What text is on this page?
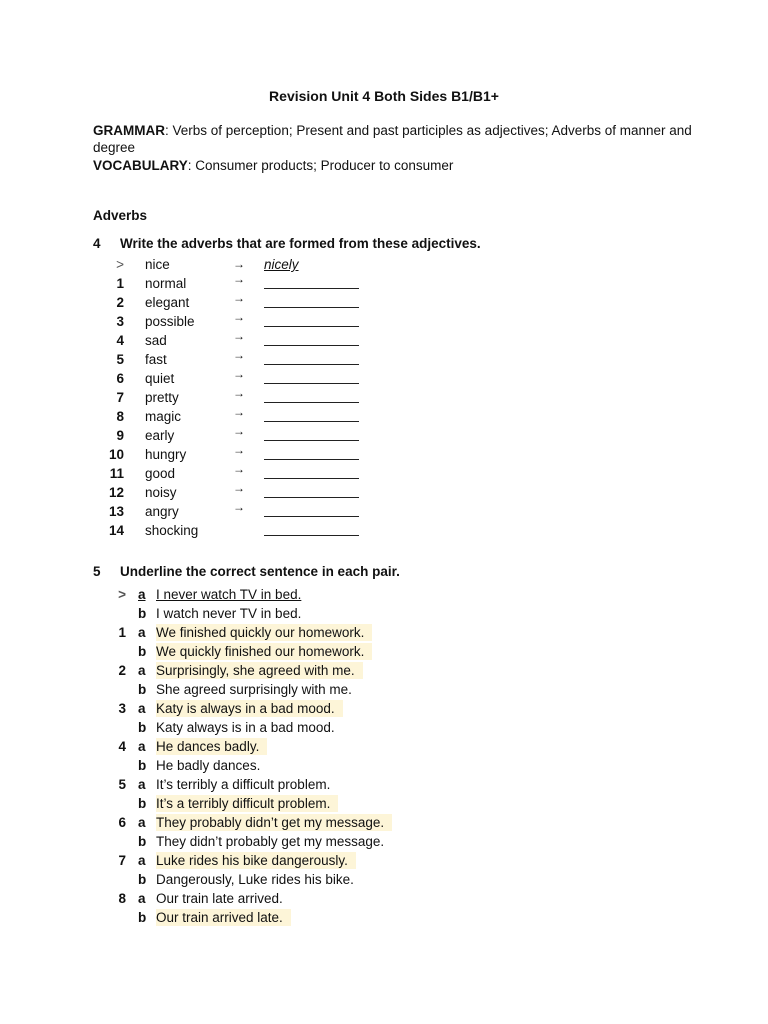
Revision Unit 4 Both Sides B1/B1+
GRAMMAR: Verbs of perception; Present and past participles as adjectives; Adverbs of manner and degree
VOCABULARY: Consumer products; Producer to consumer
Adverbs
4 Write the adverbs that are formed from these adjectives.
> nice	→ nicely
1 normal	→
2 elegant	→
3 possible	→
4 sad	→
5 fast	→
6 quiet	→
7 pretty	→
8 magic	→
9 early	→
10 hungry	→
11 good	→
12 noisy	→
13 angry	→
14 shocking
5 Underline the correct sentence in each pair.
> a I never watch TV in bed.
b I watch never TV in bed.
1 a We finished quickly our homework.
b We quickly finished our homework.
2 a Surprisingly, she agreed with me.
b She agreed surprisingly with me.
3 a Katy is always in a bad mood.
b Katy always is in a bad mood.
4 a He dances badly.
b He badly dances.
5 a It’s terribly a difficult problem.
b It’s a terribly difficult problem.
6 a They probably didn’t get my message.
b They didn’t probably get my message.
7 a Luke rides his bike dangerously.
b Dangerously, Luke rides his bike.
8 a Our train late arrived.
b Our train arrived late.
